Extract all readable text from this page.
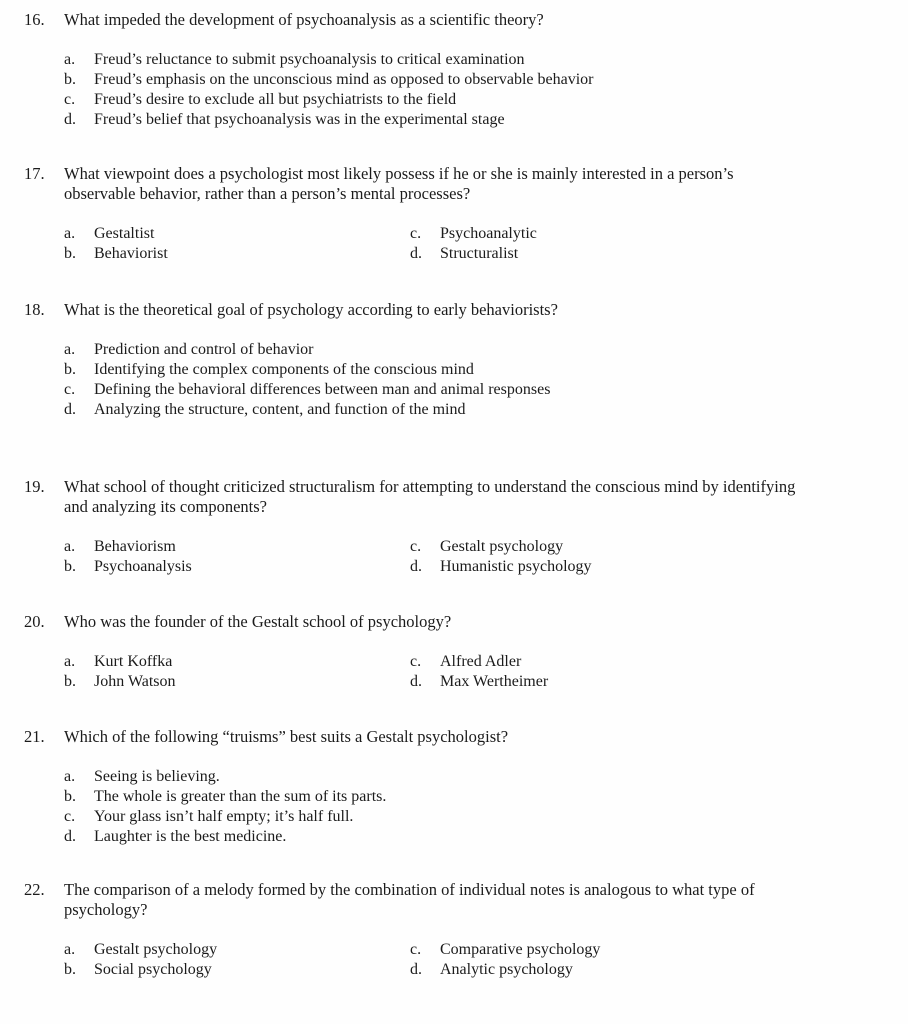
16. What impeded the development of psychoanalysis as a scientific theory?
a. Freud’s reluctance to submit psychoanalysis to critical examination
b. Freud’s emphasis on the unconscious mind as opposed to observable behavior
c. Freud’s desire to exclude all but psychiatrists to the field
d. Freud’s belief that psychoanalysis was in the experimental stage
17. What viewpoint does a psychologist most likely possess if he or she is mainly interested in a person’s observable behavior, rather than a person’s mental processes?
a. Gestaltist
b. Behaviorist
c. Psychoanalytic
d. Structuralist
18. What is the theoretical goal of psychology according to early behaviorists?
a. Prediction and control of behavior
b. Identifying the complex components of the conscious mind
c. Defining the behavioral differences between man and animal responses
d. Analyzing the structure, content, and function of the mind
19. What school of thought criticized structuralism for attempting to understand the conscious mind by identifying and analyzing its components?
a. Behaviorism
b. Psychoanalysis
c. Gestalt psychology
d. Humanistic psychology
20. Who was the founder of the Gestalt school of psychology?
a. Kurt Koffka
b. John Watson
c. Alfred Adler
d. Max Wertheimer
21. Which of the following “truisms” best suits a Gestalt psychologist?
a. Seeing is believing.
b. The whole is greater than the sum of its parts.
c. Your glass isn’t half empty; it’s half full.
d. Laughter is the best medicine.
22. The comparison of a melody formed by the combination of individual notes is analogous to what type of psychology?
a. Gestalt psychology
b. Social psychology
c. Comparative psychology
d. Analytic psychology
